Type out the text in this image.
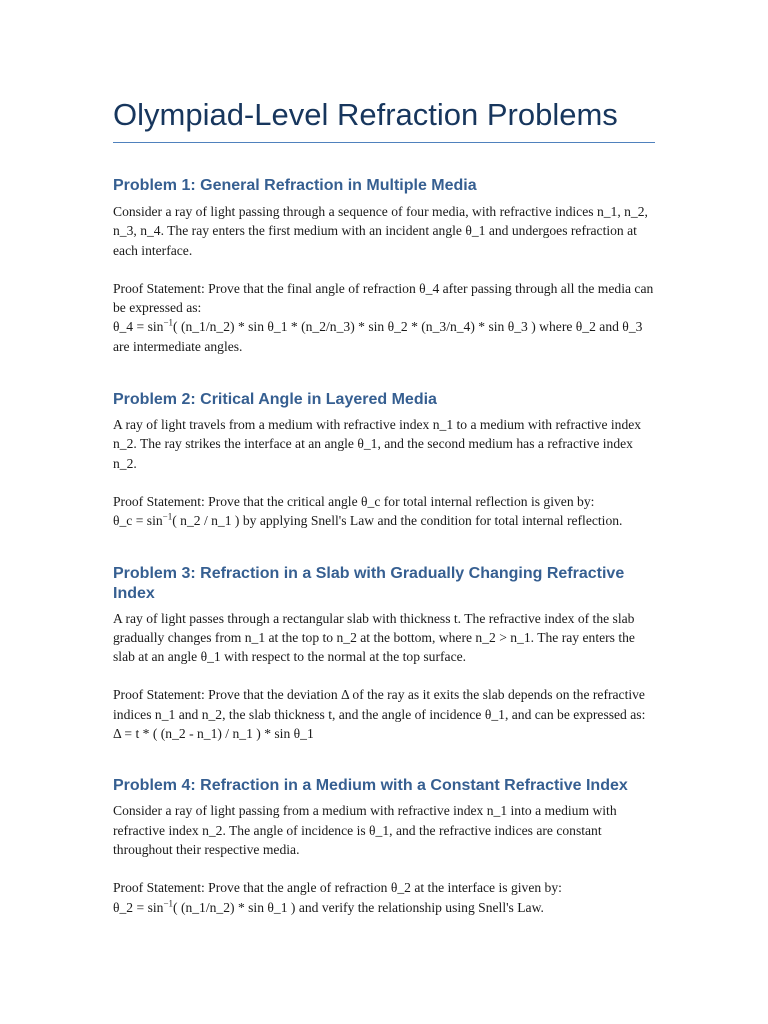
Olympiad-Level Refraction Problems
Problem 1: General Refraction in Multiple Media

Consider a ray of light passing through a sequence of four media, with refractive indices n_1, n_2, n_3, n_4. The ray enters the first medium with an incident angle θ_1 and undergoes refraction at each interface.

Proof Statement: Prove that the final angle of refraction θ_4 after passing through all the media can be expressed as:

θ_4 = $\sin^{-1}$( (n_1/n_2) * sin θ_1 * (n_2/n_3) * sin θ_2 * (n_3/n_4) * sin θ_3 ) where θ_2 and θ_3 are intermediate angles.

Problem 2: Critical Angle in Layered Media

A ray of light travels from a medium with refractive index n_1 to a medium with refractive index n_2. The ray strikes the interface at an angle θ_1, and the second medium has a refractive index n_2.

Proof Statement: Prove that the critical angle θ_c for total internal reflection is given by:

θ_c = $\sin^{-1}$( n_2 / n_1 ) by applying Snell's Law and the condition for total internal reflection.

Problem 3: Refraction in a Slab with Gradually Changing Refractive Index

A ray of light passes through a rectangular slab with thickness t. The refractive index of the slab gradually changes from n_1 at the top to n_2 at the bottom, where n_2 > n_1. The ray enters the slab at an angle θ_1 with respect to the normal at the top surface.

Proof Statement: Prove that the deviation Δ of the ray as it exits the slab depends on the refractive indices n_1 and n_2, the slab thickness t, and the angle of incidence θ_1, and can be expressed as:

Δ = t * ( (n_2 - n_1) / n_1 ) * sin θ_1

Problem 4: Refraction in a Medium with a Constant Refractive Index

Consider a ray of light passing from a medium with refractive index n_1 into a medium with refractive index n_2. The angle of incidence is θ_1, and the refractive indices are constant throughout their respective media.

Proof Statement: Prove that the angle of refraction θ_2 at the interface is given by:

θ_2 = $\sin^{-1}$( (n_1/n_2) * sin θ_1 ) and verify the relationship using Snell's Law.
